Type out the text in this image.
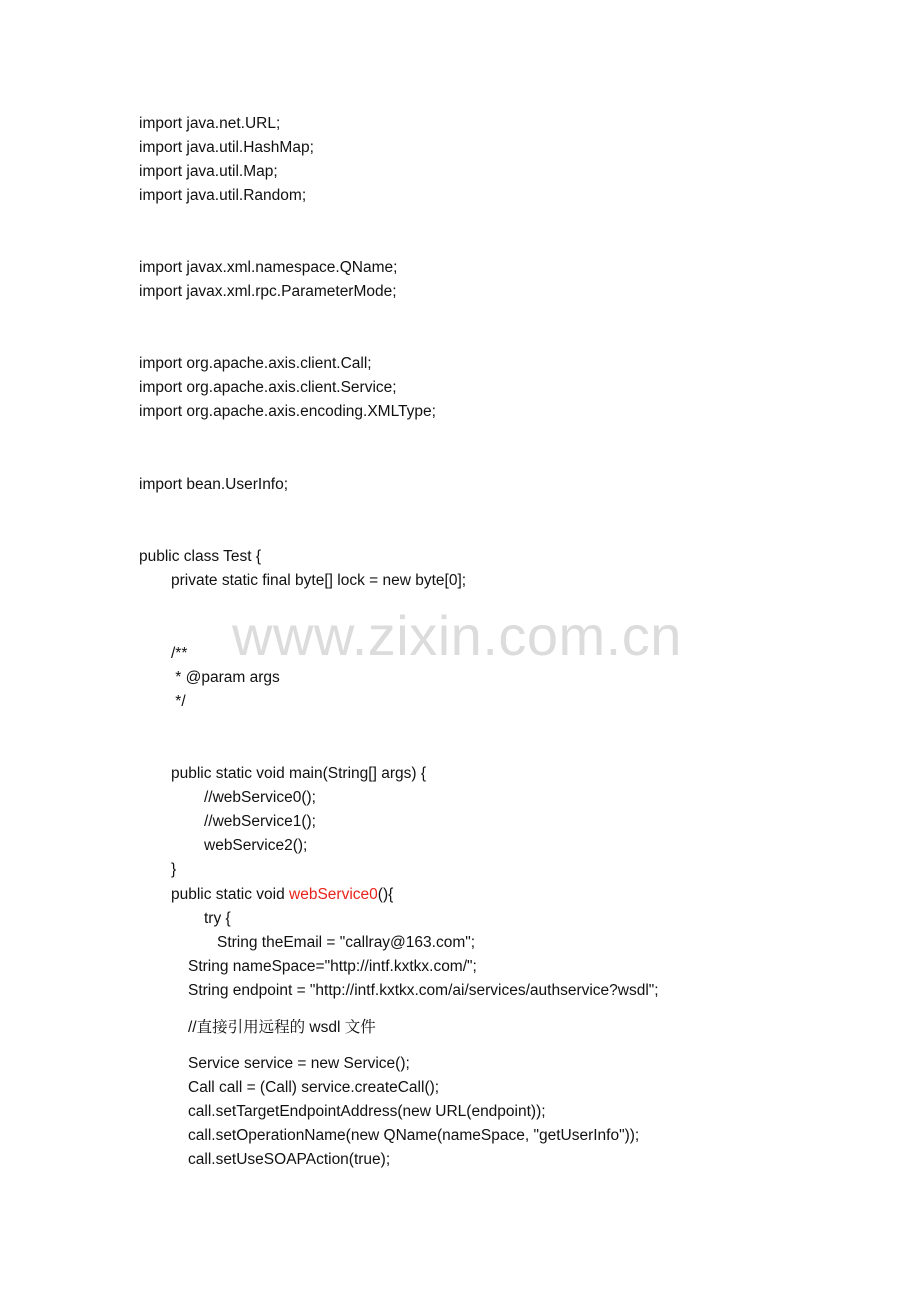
www.zixin.com.cn
import java.net.URL;
import java.util.HashMap;
import java.util.Map;
import java.util.Random;
import javax.xml.namespace.QName;
import javax.xml.rpc.ParameterMode;
import org.apache.axis.client.Call;
import org.apache.axis.client.Service;
import org.apache.axis.encoding.XMLType;
import bean.UserInfo;
public class Test {
private static final byte[] lock = new byte[0];
/**
* @param args
*/
public static void main(String[] args) {
//webService0();
//webService1();
webService2();
}
public static void webService0(){
try {
String theEmail = "callray@163.com";
String nameSpace="http://intf.kxtkx.com/";
String endpoint = "http://intf.kxtkx.com/ai/services/authservice?wsdl";
//直接引用远程的 wsdl 文件
Service service = new Service();
Call call = (Call) service.createCall();
call.setTargetEndpointAddress(new URL(endpoint));
call.setOperationName(new QName(nameSpace, "getUserInfo"));
call.setUseSOAPAction(true);
